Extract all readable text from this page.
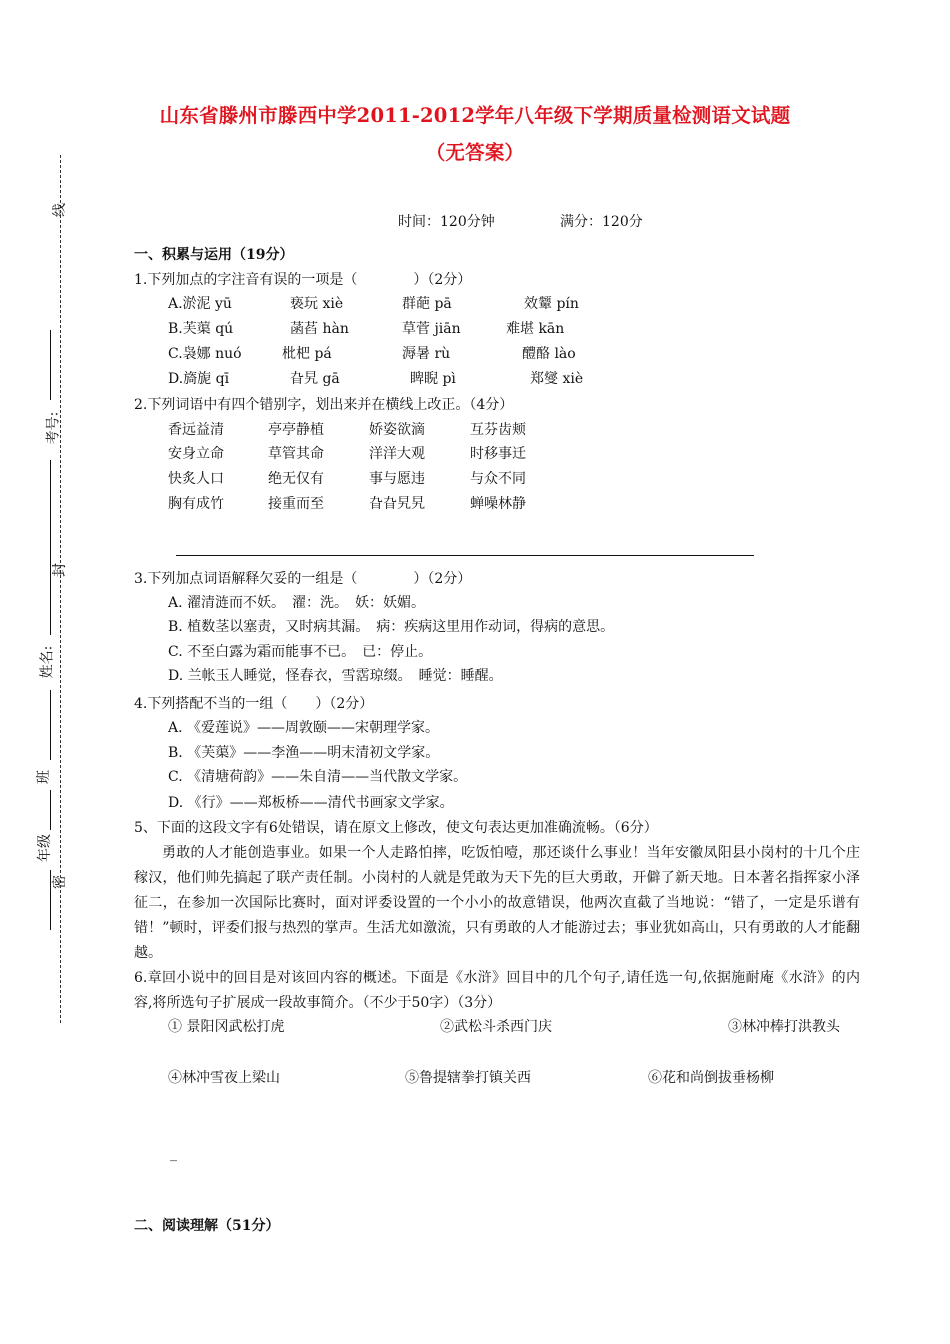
山东省滕州市滕西中学2011-2012学年八年级下学期质量检测语文试题
（无答案）
线
考号:
封
姓名:
班
年级
密
时间：120分钟	满分：120分
一、积累与运用（19分）
1.下列加点的字注音有误的一项是（　　　　）（2分）
A.淤泥 yū	亵玩 xiè	群葩 pā	效颦 pín
B.芙蕖 qú	菡萏 hàn	草菅 jiān	难堪 kān
C.袅娜 nuó	枇杷 pá	溽暑 rù	醴酪 lào
D.旖旎 qī	旮旯 gā	睥睨 pì	郑燮 xiè
2.下列词语中有四个错别字，划出来并在横线上改正。（4分）
香远益清	亭亭静植	娇姿欲滴	互芬齿颊
安身立命	草管其命	洋洋大观	时移事迁
快炙人口	绝无仅有	事与愿违	与众不同
胸有成竹	接重而至	旮旮旯旯	蝉噪林静
3.下列加点词语解释欠妥的一组是（　　　　）（2分）
A. 濯清涟而不妖。　濯：洗。　妖：妖媚。
B. 植数茎以塞责，又时病其漏。　病：疾病这里用作动词，得病的意思。
C. 不至白露为霜而能事不已。　已：停止。
D. 兰帐玉人睡觉，怪春衣，雪霑琼缀。　睡觉：睡醒。
4.下列搭配不当的一组（　　）（2分）
A. 《爱莲说》——周敦颐——宋朝理学家。
B. 《芙蕖》——李渔——明末清初文学家。
C. 《清塘荷韵》——朱自清——当代散文学家。
D. 《行》——郑板桥——清代书画家文学家。
5、下面的这段文字有6处错误，请在原文上修改，使文句表达更加准确流畅。（6分）
勇敢的人才能创造事业。如果一个人走路怕摔，吃饭怕噎，那还谈什么事业！当年安徽凤阳县小岗村的十几个庄稼汉，他们帅先搞起了联产责任制。小岗村的人就是凭敢为天下先的巨大勇敢，开僻了新天地。日本著名指挥家小泽征二，在参加一次国际比赛时，面对评委设置的一个小小的故意错误，他两次直截了当地说：“错了，一定是乐谱有错！”顿时，评委们报与热烈的掌声。生活尤如激流，只有勇敢的人才能游过去；事业犹如高山，只有勇敢的人才能翻越。
6.章回小说中的回目是对该回内容的概述。下面是《水浒》回目中的几个句子,请任选一句,依据施耐庵《水浒》的内容,将所选句子扩展成一段故事简介。（不少于50字）（3分）
① 景阳冈武松打虎	②武松斗杀西门庆	③林冲棒打洪教头
④林冲雪夜上梁山	⑤鲁提辖拳打镇关西	⑥花和尚倒拔垂杨柳
_
二、阅读理解（51分）
